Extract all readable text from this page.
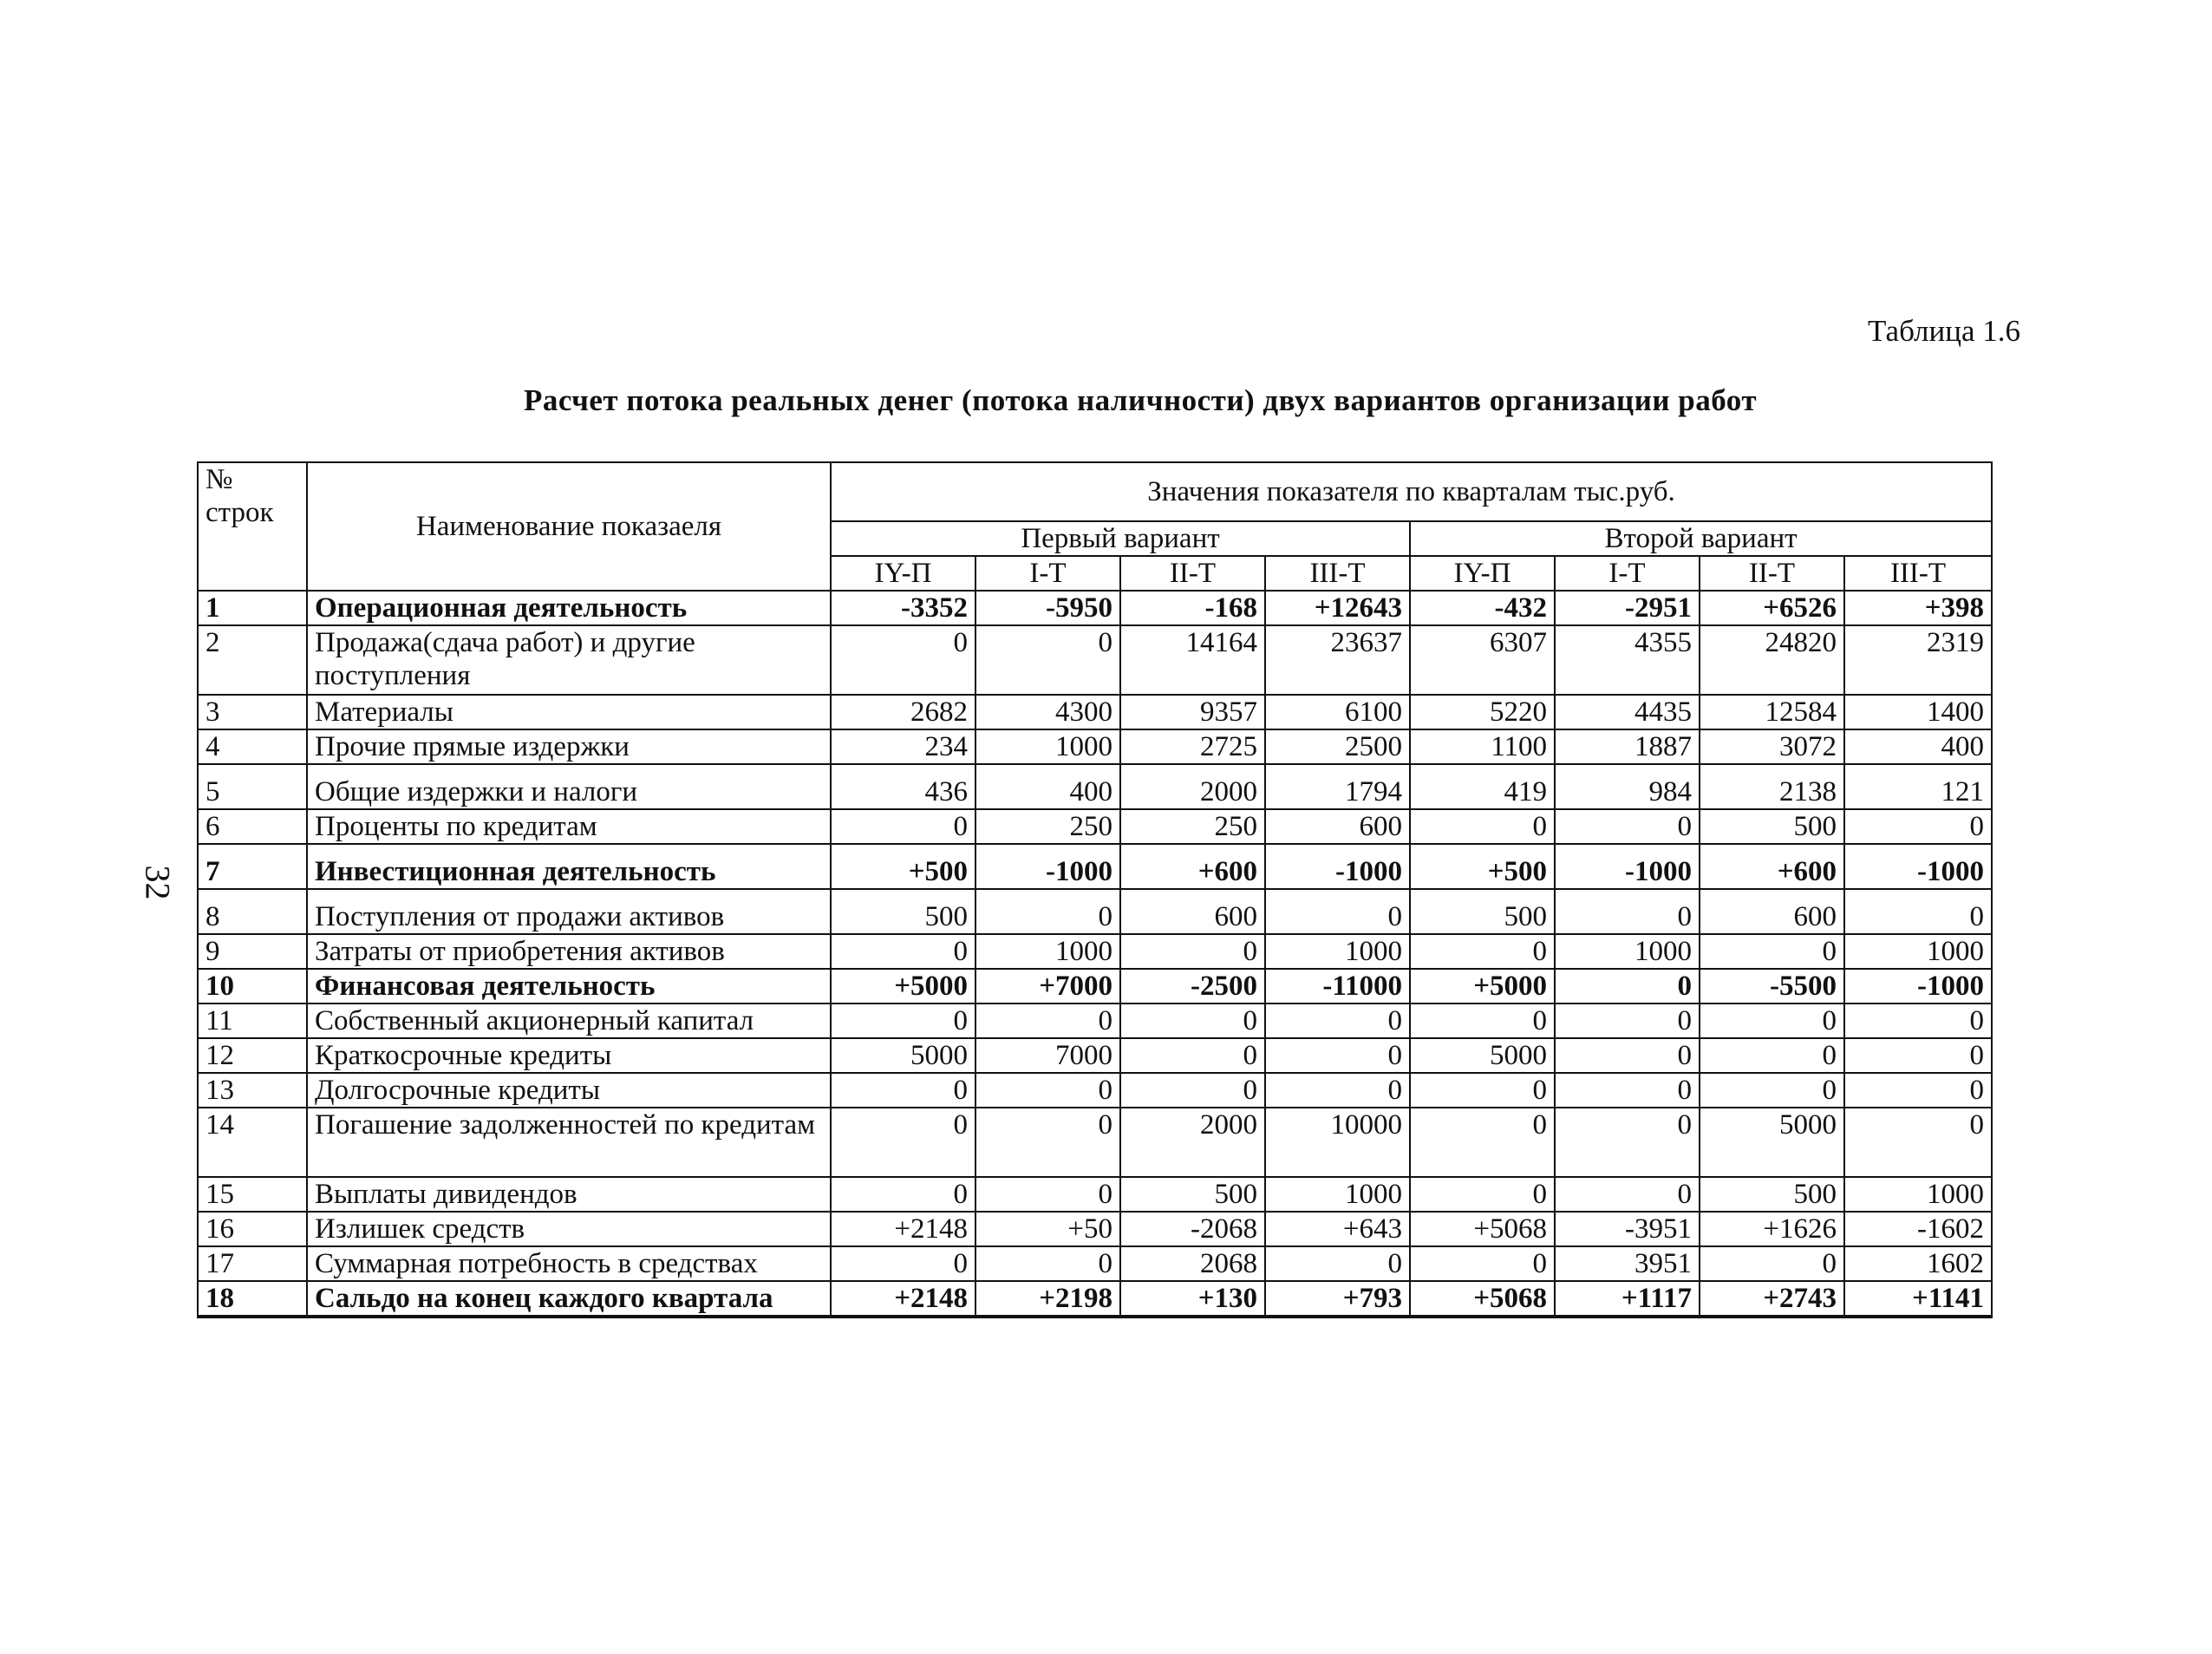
Таблица 1.6
Расчет потока реальных денег (потока наличности) двух вариантов организации работ
32
№ строк	Наименование показаеля	Значения показателя по кварталам тыс.руб.							
		Первый вариант				Второй вариант			
		IY-П	I-T	II-T	III-T	IY-П	I-T	II-T	III-T
1	Операционная деятельность	-3352	-5950	-168	+12643	-432	-2951	+6526	+398
2	Продажа(сдача работ) и другие поступления	0	0	14164	23637	6307	4355	24820	2319
3	Материалы	2682	4300	9357	6100	5220	4435	12584	1400
4	Прочие прямые издержки	234	1000	2725	2500	1100	1887	3072	400
5	Общие издержки и налоги	436	400	2000	1794	419	984	2138	121
6	Проценты по кредитам	0	250	250	600	0	0	500	0
7	Инвестиционная деятельность	+500	-1000	+600	-1000	+500	-1000	+600	-1000
8	Поступления от продажи активов	500	0	600	0	500	0	600	0
9	Затраты от приобретения активов	0	1000	0	1000	0	1000	0	1000
10	Финансовая деятельность	+5000	+7000	-2500	-11000	+5000	0	-5500	-1000
11	Собственный акционерный капитал	0	0	0	0	0	0	0	0
12	Краткосрочные кредиты	5000	7000	0	0	5000	0	0	0
13	Долгосрочные кредиты	0	0	0	0	0	0	0	0
14	Погашение задолженностей по кредитам	0	0	2000	10000	0	0	5000	0
15	Выплаты дивидендов	0	0	500	1000	0	0	500	1000
16	Излишек средств	+2148	+50	-2068	+643	+5068	-3951	+1626	-1602
17	Суммарная потребность в средствах	0	0	2068	0	0	3951	0	1602
18	Сальдо на конец каждого квартала	+2148	+2198	+130	+793	+5068	+1117	+2743	+1141
